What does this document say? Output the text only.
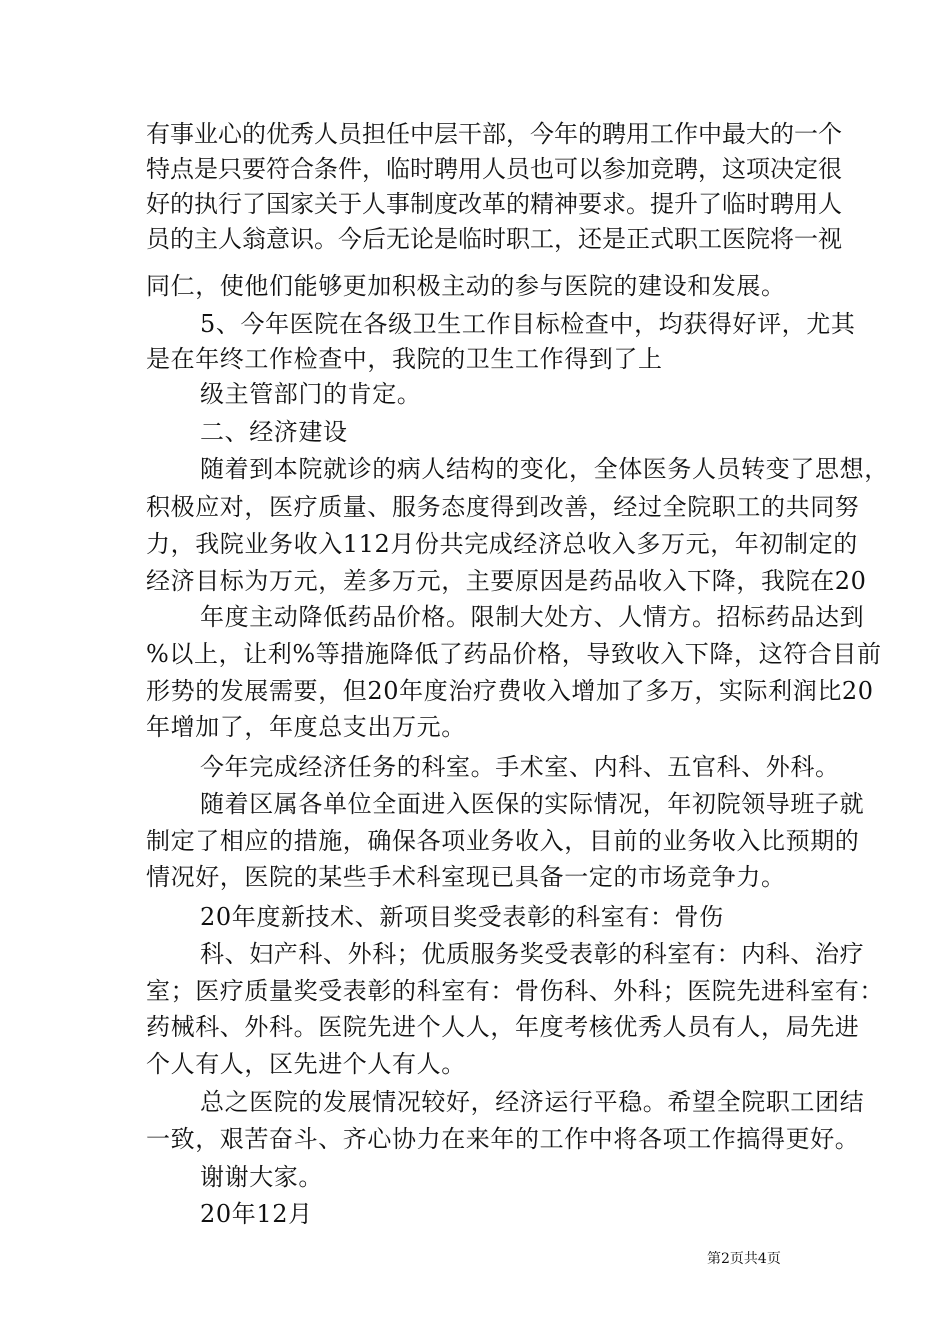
有事业心的优秀人员担任中层干部，今年的聘用工作中最大的一个
特点是只要符合条件，临时聘用人员也可以参加竞聘，这项决定很
好的执行了国家关于人事制度改革的精神要求。提升了临时聘用人
员的主人翁意识。今后无论是临时职工，还是正式职工医院将一视
同仁，使他们能够更加积极主动的参与医院的建设和发展。
5、今年医院在各级卫生工作目标检查中，均获得好评，尤其
是在年终工作检查中，我院的卫生工作得到了上
级主管部门的肯定。
二、经济建设
随着到本院就诊的病人结构的变化，全体医务人员转变了思想，
积极应对，医疗质量、服务态度得到改善，经过全院职工的共同努
力，我院业务收入112月份共完成经济总收入多万元，年初制定的
经济目标为万元，差多万元，主要原因是药品收入下降，我院在20
年度主动降低药品价格。限制大处方、人情方。招标药品达到
%以上，让利%等措施降低了药品价格，导致收入下降，这符合目前
形势的发展需要，但20年度治疗费收入增加了多万，实际利润比20
年增加了，年度总支出万元。
今年完成经济任务的科室。手术室、内科、五官科、外科。
随着区属各单位全面进入医保的实际情况，年初院领导班子就
制定了相应的措施，确保各项业务收入，目前的业务收入比预期的
情况好，医院的某些手术科室现已具备一定的市场竞争力。
20年度新技术、新项目奖受表彰的科室有：骨伤
科、妇产科、外科；优质服务奖受表彰的科室有：内科、治疗
室；医疗质量奖受表彰的科室有：骨伤科、外科；医院先进科室有：
药械科、外科。医院先进个人人，年度考核优秀人员有人，局先进
个人有人，区先进个人有人。
总之医院的发展情况较好，经济运行平稳。希望全院职工团结
一致，艰苦奋斗、齐心协力在来年的工作中将各项工作搞得更好。
谢谢大家。
20年12月
第2页共4页
